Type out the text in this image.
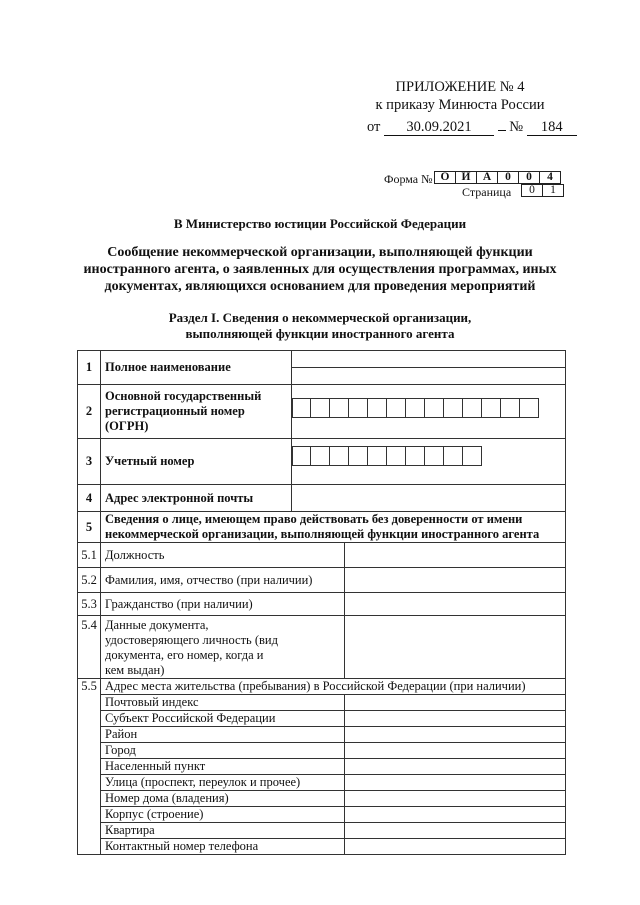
ПРИЛОЖЕНИЕ № 4
к приказу Минюста России
от 30.09.2021	№ 184
Форма № О	И	А	0	0	4
Страница 0	1
В Министерство юстиции Российской Федерации
Сообщение некоммерческой организации, выполняющей функции иностранного агента, о заявленных для осуществления программах, иных документах, являющихся основанием для проведения мероприятий
Раздел I. Сведения о некоммерческой организации,
выполняющей функции иностранного агента
1	Полное наименование		

2	Основной государственный регистрационный номер (ОГРН)		

3	Учетный номер		

4	Адрес электронной почты		
5	Сведения о лице, имеющем право действовать без доверенности от имени некоммерческой организации, выполняющей функции иностранного агента		
5.1	Должность		
5.2	Фамилия, имя, отчество (при наличии)		
5.3	Гражданство (при наличии)		
5.4	Данные документа, удостоверяющего личность (вид документа, его номер, когда и кем выдан)		
5.5	Адрес места жительства (пребывания) в Российской Федерации (при наличии)		
	Почтовый индекс		
	Субъект Российской Федерации		
	Район		
	Город		
	Населенный пункт		
	Улица (проспект, переулок и прочее)		
	Номер дома (владения)		
	Корпус (строение)		
	Квартира		
	Контактный номер телефона		
